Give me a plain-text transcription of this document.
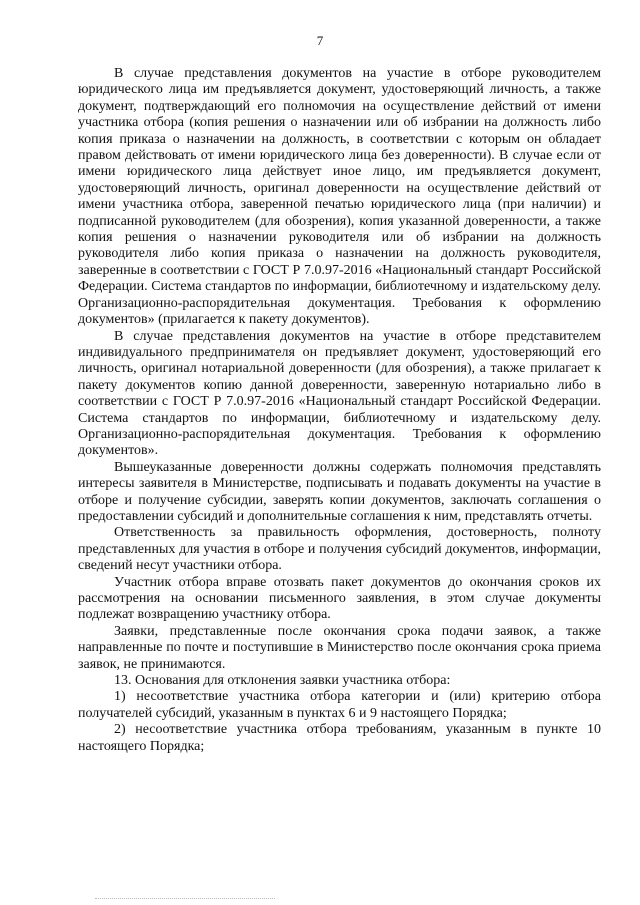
7

В случае представления документов на участие в отборе руководителем юридического лица им предъявляется документ, удостоверяющий личность, а также документ, подтверждающий его полномочия на осуществление действий от имени участника отбора (копия решения о назначении или об избрании на должность либо копия приказа о назначении на должность, в соответствии с которым он обладает правом действовать от имени юридического лица без доверенности). В случае если от имени юридического лица действует иное лицо, им предъявляется документ, удостоверяющий личность, оригинал доверенности на осуществление действий от имени участника отбора, заверенной печатью юридического лица (при наличии) и подписанной руководителем (для обозрения), копия указанной доверенности, а также копия решения о назначении руководителя или об избрании на должность руководителя либо копия приказа о назначении на должность руководителя, заверенные в соответствии с ГОСТ Р 7.0.97-2016 «Национальный стандарт Российской Федерации. Система стандартов по информации, библиотечному и издательскому делу. Организационно-распорядительная документация. Требования к оформлению документов» (прилагается к пакету документов).

В случае представления документов на участие в отборе представителем индивидуального предпринимателя он предъявляет документ, удостоверяющий его личность, оригинал нотариальной доверенности (для обозрения), а также прилагает к пакету документов копию данной доверенности, заверенную нотариально либо в соответствии с ГОСТ Р 7.0.97-2016 «Национальный стандарт Российской Федерации. Система стандартов по информации, библиотечному и издательскому делу. Организационно-распорядительная документация. Требования к оформлению документов».

Вышеуказанные доверенности должны содержать полномочия представлять интересы заявителя в Министерстве, подписывать и подавать документы на участие в отборе и получение субсидии, заверять копии документов, заключать соглашения о предоставлении субсидий и дополнительные соглашения к ним, представлять отчеты.

Ответственность за правильность оформления, достоверность, полноту представленных для участия в отборе и получения субсидий документов, информации, сведений несут участники отбора.

Участник отбора вправе отозвать пакет документов до окончания сроков их рассмотрения на основании письменного заявления, в этом случае документы подлежат возвращению участнику отбора.

Заявки, представленные после окончания срока подачи заявок, а также направленные по почте и поступившие в Министерство после окончания срока приема заявок, не принимаются.

13. Основания для отклонения заявки участника отбора:

1) несоответствие участника отбора категории и (или) критерию отбора получателей субсидий, указанным в пунктах 6 и 9 настоящего Порядка;

2) несоответствие участника отбора требованиям, указанным в пункте 10 настоящего Порядка;
